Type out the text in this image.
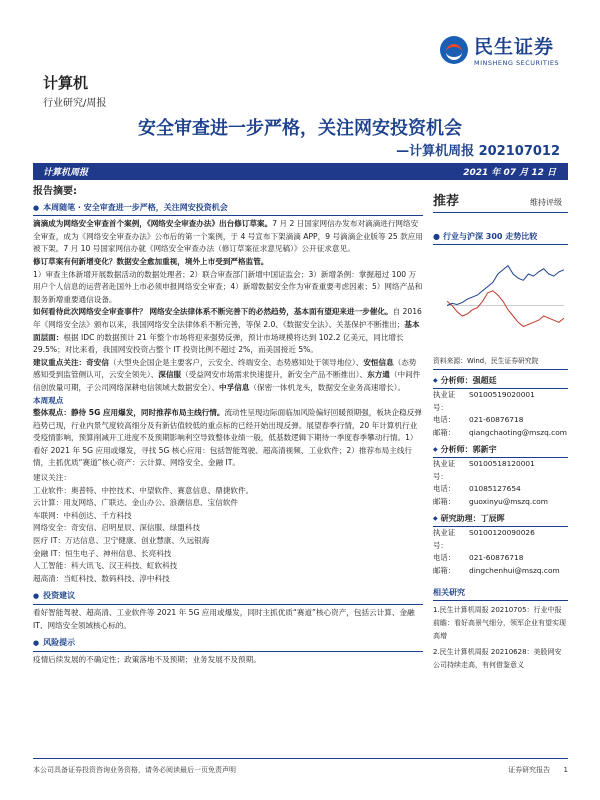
民生证券
MINSHENG SECURITIES
计算机
行业研究/周报
安全审查进一步严格，关注网安投资机会
—计算机周报 202107012
计算机周报	2021 年 07 月 12 日
报告摘要:
● 本周随笔 · 安全审查进一步严格，关注网安投资机会

滴滴成为网络安全审查首个案例，《网络安全审查办法》出台修订草案。7 月 2 日国家网信办发布对滴滴进行网络安全审查，成为《网络安全审查办法》公布后的第一个案例，于 4 号宣布下架滴滴 APP，9 号滴滴企业版等 25 款应用被下架。7 月 10 号国家网信办就《网络安全审查办法（修订草案征求意见稿）》公开征求意见。

修订草案有何新增变化？数据安全愈加重视，境外上市受到严格监管。

1）审查主体新增开展数据活动的数据处理者；2）联合审查部门新增中国证监会；3）新增条例：掌握超过 100 万用户个人信息的运营者赴国外上市必须申报网络安全审查；4）新增数据安全作为审查重要考虑因素；5）网络产品和服务新增重要通信设备。

如何看待此次网络安全审查事件？ 网络安全法律体系不断完善下的必然趋势，基本面有望迎来进一步催化。自 2016 年《网络安全法》颁布以来，我国网络安全法律体系不断完善，等保 2.0、《数据安全法》、关基保护不断推出；基本面层面：根据 IDC 的数据预计 21 年整个市场将迎来强势反弹，预计市场规模将达到 102.2 亿美元，同比增长 29.5%；对比来看，我国网安投资占整个 IT 投资比例不超过 2%，而美国接近 5%。

建议重点关注：奇安信（大型央企国企是主要客户，云安全、终端安全、态势感知处于领导地位）、安恒信息（态势感知受到监管侧认可，云安全领先）、深信服（受益网安市场需求快速提升，新安全产品不断推出）、东方通（中间件信创放量可期，子公司网络深耕电信领域大数据安全）、中孚信息（保密一体机龙头，数据安全业务高速增长）。

本周观点

整体观点：静待 5G 应用爆发，同时推荐布局主线行情。流动性呈现边际面临加风险偏好回暖预期强，板块企稳反弹趋势已现，行业内景气度较高细分及有新估值较低的重点标的已经开始出现反弹。展望春季行情，20 年计算机行业受疫情影响，预算削减开工进度不及预期影响利空导致整体业绩一般，低基数逻辑下期待一季度春季攀动行情。1）看好 2021 年 5G 应用或爆发，寻找 5G 核心应用：包括智能驾驶、超高清视频、工业软件；2）推荐布局主线行情，主抓优质“赛道”核心资产：云计算、网络安全、金融 IT。

建议关注：

工业软件：奥普特、中控技术、中望软件、赛意信息、鼎捷软件。

云计算：用友网络、广联达、金山办公、浪潮信息、宝信软件

车联网：中科创达、千方科技

网络安全：奇安信、启明星辰、深信服、绿盟科技

医疗 IT：万达信息、卫宁健康、创业慧康、久远银海

金融 IT：恒生电子、神州信息、长亮科技

人工智能：科大讯飞、汉王科技、虹软科技

超高清：当虹科技、数码科技、淳中科技

● 投资建议

看好智能驾驶、超高清、工业软件等 2021 年 5G 应用或爆发，同时主抓优质“赛道”核心资产，包括云计算、金融 IT、网络安全领域核心标的。

● 风险提示

疫情后续发展的不确定性；政策落地不及预期；业务发展不及预期。

推荐	维持评级
● 行业与沪深 300 走势比较
资料来源：Wind，民生证券研究院
◆ 分析师： 强超廷
执业证号：
S0100519020001
电话：	021-60876718
邮箱：	qiangchaoting@mszq.com
◆ 分析师： 郭新宇
执业证号：
S0100518120001
电话：	01085127654
邮箱：	guoxinyu@mszq.com
◆ 研究助理： 丁辰晖
执业证号：
S0100120090026
电话：	021-60876718
邮箱：	dingchenhui@mszq.com
相关研究
1.民生计算机周报 20210705：行业中报前瞻：看好高景气细分，领军企业有望实现高增
2.民生计算机周报 20210628：美股网安公司持续走高，有何借鉴意义
本公司具备证券投资咨询业务资格，请务必阅读最后一页免责声明	证券研究报告 1
